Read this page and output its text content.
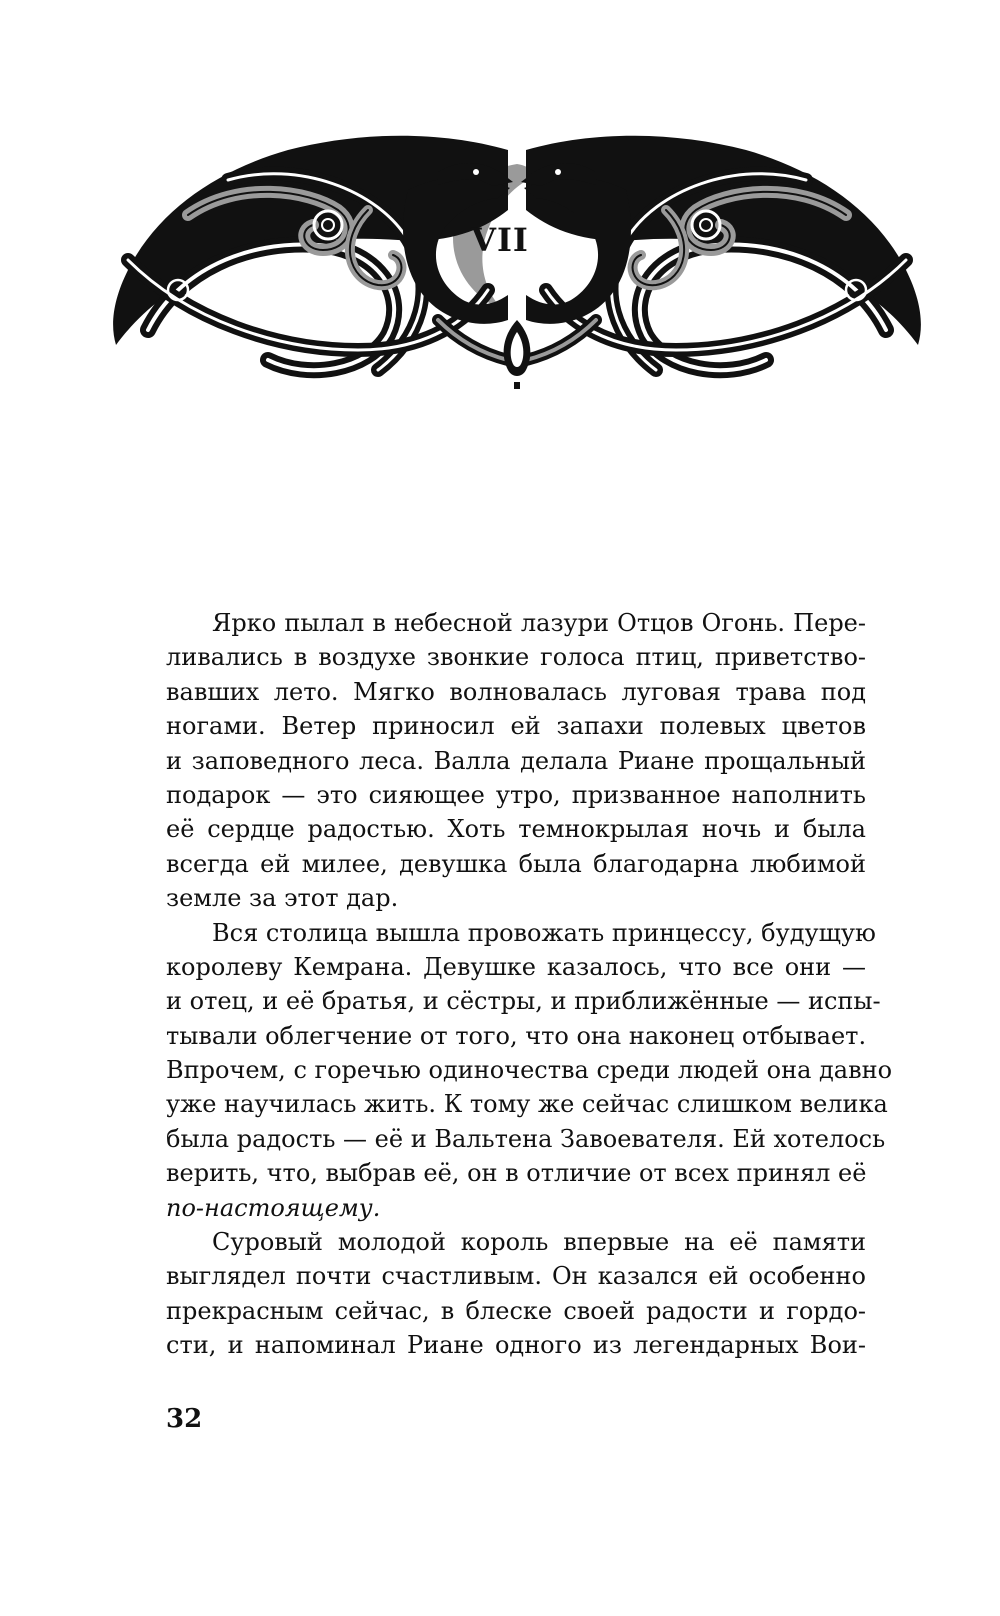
VII
Ярко пылал в небесной лазури Отцов Огонь. Пере-
ливались в воздухе звонкие голоса птиц, приветство-
вавших лето. Мягко волновалась луговая трава под
ногами. Ветер приносил ей запахи полевых цветов
и заповедного леса. Валла делала Риане прощальный
подарок — это сияющее утро, призванное наполнить
её сердце радостью. Хоть темнокрылая ночь и была
всегда ей милее, девушка была благодарна любимой
земле за этот дар.
Вся столица вышла провожать принцессу, будущую
королеву Кемрана. Девушке казалось, что все они —
и отец, и её братья, и сёстры, и приближённые — испы-
тывали облегчение от того, что она наконец отбывает.
Впрочем, с горечью одиночества среди людей она давно
уже научилась жить. К тому же сейчас слишком велика
была радость — её и Вальтена Завоевателя. Ей хотелось
верить, что, выбрав её, он в отличие от всех принял её
по-настоящему.
Суровый молодой король впервые на её памяти
выглядел почти счастливым. Он казался ей особенно
прекрасным сейчас, в блеске своей радости и гордо-
сти, и напоминал Риане одного из легендарных Вои-
32
